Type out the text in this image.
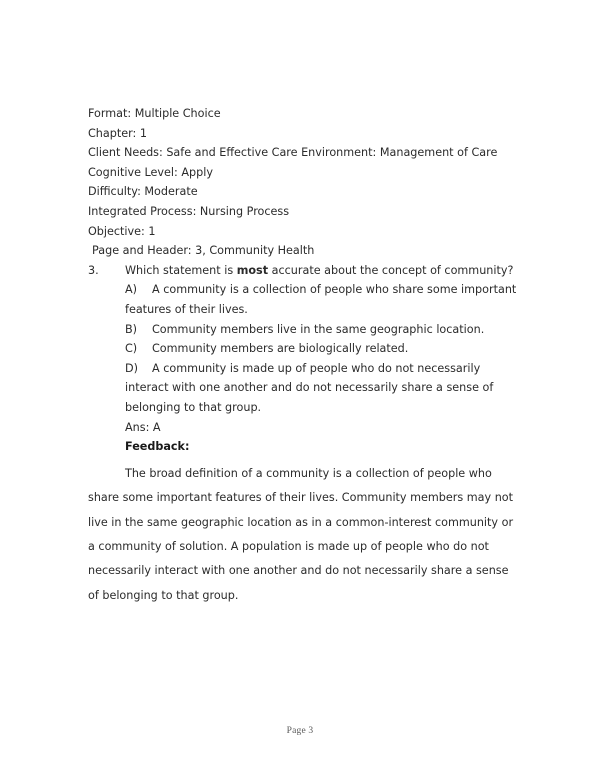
Format: Multiple Choice
Chapter: 1
Client Needs: Safe and Effective Care Environment: Management of Care
Cognitive Level: Apply
Difficulty: Moderate
Integrated Process: Nursing Process
Objective: 1
Page and Header: 3, Community Health
3. Which statement is most accurate about the concept of community?
A) A community is a collection of people who share some important features of their lives.
B) Community members live in the same geographic location.
C) Community members are biologically related.
D) A community is made up of people who do not necessarily interact with one another and do not necessarily share a sense of belonging to that group.
Ans: A
Feedback:
The broad definition of a community is a collection of people who share some important features of their lives. Community members may not live in the same geographic location as in a common-interest community or a community of solution. A population is made up of people who do not necessarily interact with one another and do not necessarily share a sense of belonging to that group.
Page 3
